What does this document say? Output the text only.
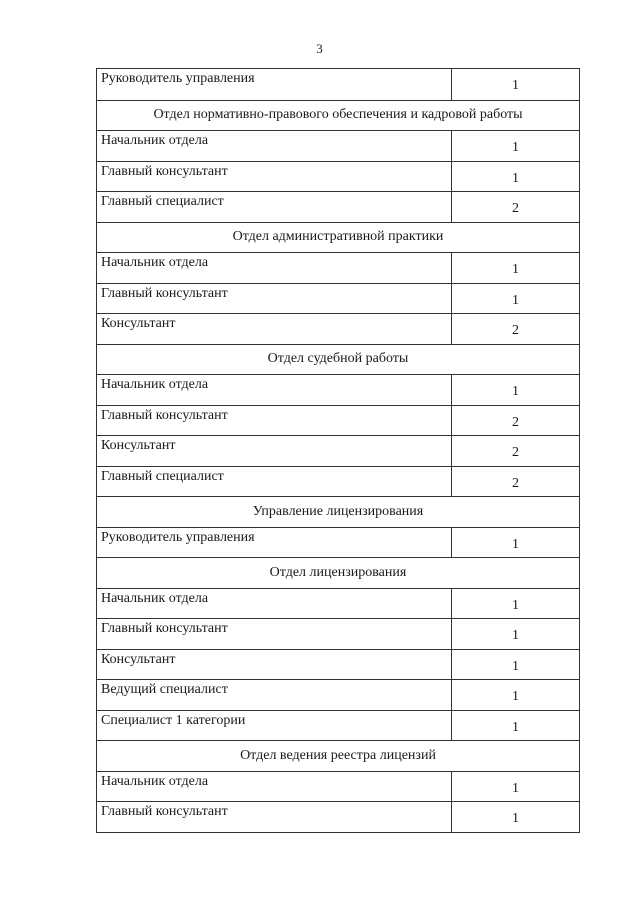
3
Руководитель управления	1
Отдел нормативно-правового обеспечения и кадровой работы
Начальник отдела	1
Главный консультант	1
Главный специалист	2
Отдел административной практики
Начальник отдела	1
Главный консультант	1
Консультант	2
Отдел судебной работы
Начальник отдела	1
Главный консультант	2
Консультант	2
Главный специалист	2
Управление лицензирования
Руководитель управления	1
Отдел лицензирования
Начальник отдела	1
Главный консультант	1
Консультант	1
Ведущий специалист	1
Специалист 1 категории	1
Отдел ведения реестра лицензий
Начальник отдела	1
Главный консультант	1
